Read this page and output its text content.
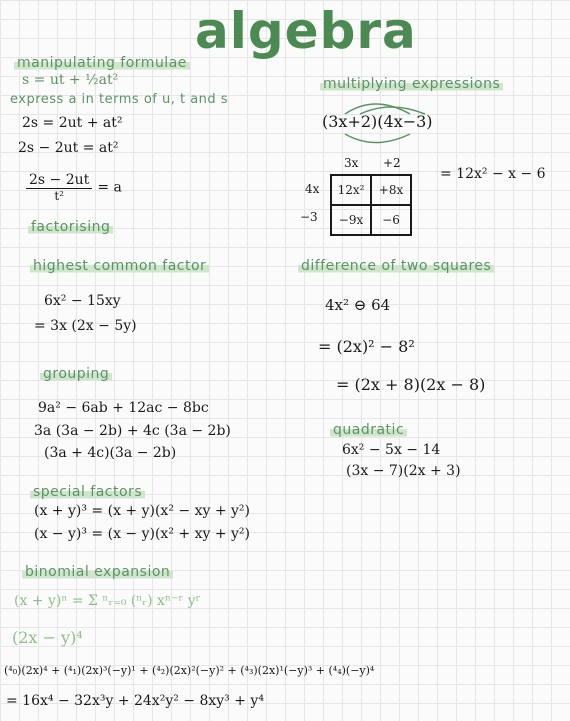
algebra
manipulating formulae
s = ut + ½at²
express a in terms of u, t and s
2s = 2ut + at²
2s − 2ut = at²
$\frac{2s - 2ut}{\text{t²}} = a$
multiplying expressions
(3x+2)(4x−3)
3x +2
4x
−3
12x²	+8x
−9x	−6
= 12x² − x − 6
factorising
highest common factor
6x² − 15xy
= 3x (2x − 5y)
grouping
9a² − 6ab + 12ac − 8bc
3a (3a − 2b) + 4c (3a − 2b)
(3a + 4c)(3a − 2b)
special factors
(x + y)³ = (x + y)(x² − xy + y²)
(x − y)³ = (x − y)(x² + xy + y²)
difference of two squares
4x² ⊖ 64
= (2x)² − 8²
= (2x + 8)(2x − 8)
quadratic
6x² − 5x − 14
(3x − 7)(2x + 3)
binomial expansion
(x + y)ⁿ = Σ ⁿᵣ₌₀ (ⁿᵣ) xⁿ⁻ʳ yʳ
(2x − y)⁴
(⁴₀)(2x)⁴ + (⁴₁)(2x)³(−y)¹ + (⁴₂)(2x)²(−y)² + (⁴₃)(2x)¹(−y)³ + (⁴₄)(−y)⁴
= 16x⁴ − 32x³y + 24x²y² − 8xy³ + y⁴
